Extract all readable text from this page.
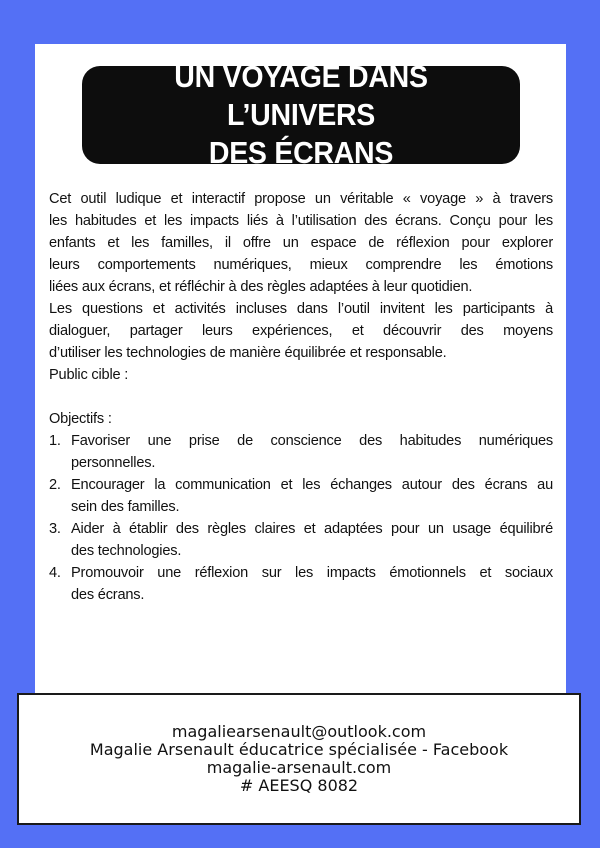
UN VOYAGE DANS L’UNIVERS
DES ÉCRANS
Cet outil ludique et interactif propose un véritable « voyage » à travers
les habitudes et les impacts liés à l’utilisation des écrans. Conçu pour les
enfants et les familles, il offre un espace de réflexion pour explorer
leurs comportements numériques, mieux comprendre les émotions
liées aux écrans, et réfléchir à des règles adaptées à leur quotidien.
Les questions et activités incluses dans l’outil invitent les participants à
dialoguer, partager leurs expériences, et découvrir des moyens
d’utiliser les technologies de manière équilibrée et responsable.
Public cible :
Objectifs :
1. Favoriser une prise de conscience des habitudes numériques
personnelles.
2. Encourager la communication et les échanges autour des écrans au
sein des familles.
3. Aider à établir des règles claires et adaptées pour un usage équilibré
des technologies.
4. Promouvoir une réflexion sur les impacts émotionnels et sociaux
des écrans.
magaliearsenault@outlook.com
Magalie Arsenault éducatrice spécialisée - Facebook
magalie-arsenault.com
# AEESQ 8082
